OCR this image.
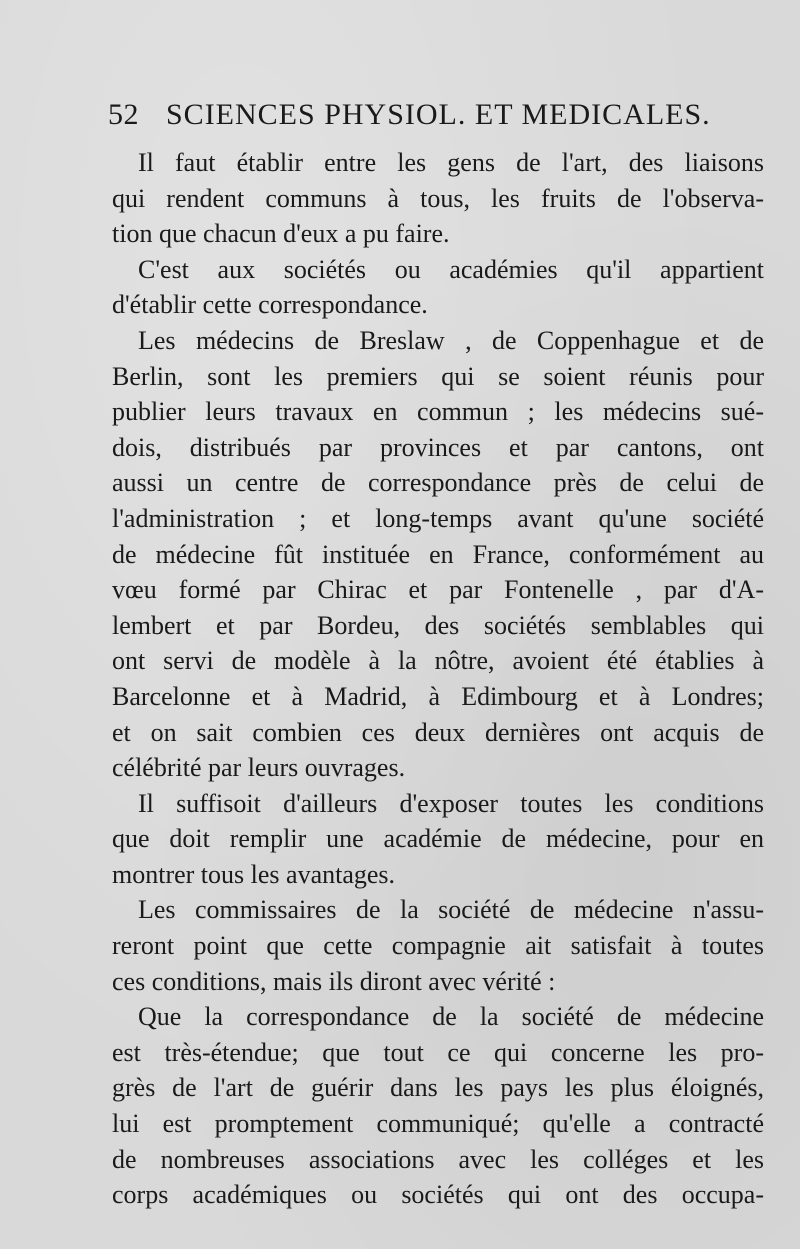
52 SCIENCES PHYSIOL. ET MEDICALES.
Il faut établir entre les gens de l'art, des liaisons
qui rendent communs à tous, les fruits de l'observa-
tion que chacun d'eux a pu faire.
C'est aux sociétés ou académies qu'il appartient
d'établir cette correspondance.
Les médecins de Breslaw , de Coppenhague et de
Berlin, sont les premiers qui se soient réunis pour
publier leurs travaux en commun ; les médecins sué-
dois, distribués par provinces et par cantons, ont
aussi un centre de correspondance près de celui de
l'administration ; et long-temps avant qu'une société
de médecine fût instituée en France, conformément au
vœu formé par Chirac et par Fontenelle , par d'A-
lembert et par Bordeu, des sociétés semblables qui
ont servi de modèle à la nôtre, avoient été établies à
Barcelonne et à Madrid, à Edimbourg et à Londres;
et on sait combien ces deux dernières ont acquis de
célébrité par leurs ouvrages.
Il suffisoit d'ailleurs d'exposer toutes les conditions
que doit remplir une académie de médecine, pour en
montrer tous les avantages.
Les commissaires de la société de médecine n'assu-
reront point que cette compagnie ait satisfait à toutes
ces conditions, mais ils diront avec vérité :
Que la correspondance de la société de médecine
est très-étendue; que tout ce qui concerne les pro-
grès de l'art de guérir dans les pays les plus éloignés,
lui est promptement communiqué; qu'elle a contracté
de nombreuses associations avec les colléges et les
corps académiques ou sociétés qui ont des occupa-
